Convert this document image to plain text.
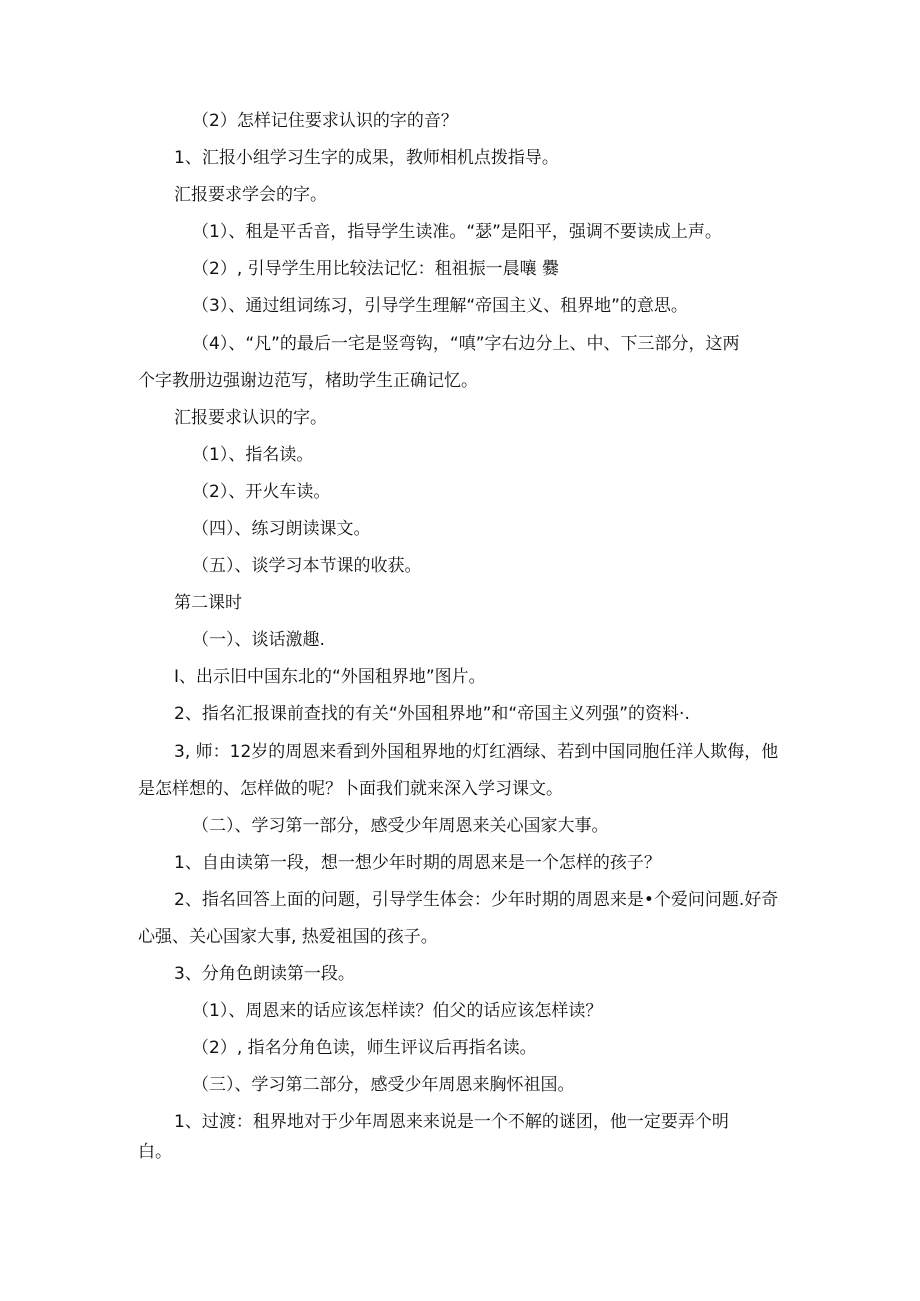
（2）怎样记住要求认识的字的音？
1、汇报小组学习生字的成果，教师相机点拨指导。
汇报要求学会的字。
（1）、租是平舌音，指导学生读准。“瑟”是阳平，强调不要读成上声。
（2）, 引导学生用比较法记忆：租祖振一晨嚷 爨
（3）、通过组词练习，引导学生理解“帝国主义、租界地”的意思。
（4）、“凡”的最后一宅是竖弯钩，“嗔”字右边分上、中、下三部分，这两
个字教册边强谢边范写，楮助学生正确记忆。
汇报要求认识的字。
（1）、指名读。
（2）、开火车读。
（四）、练习朗读课文。
（五）、谈学习本节课的收获。
第二课时
（一）、谈话激趣.
I、出示旧中国东北的“外国租界地”图片。
2、指名汇报课前查找的有关“外国租界地”和“帝国主义列强”的资料·.
3, 师：12岁的周恩来看到外国租界地的灯红酒绿、若到中国同胞任洋人欺侮，他
是怎样想的、怎样做的呢？卜面我们就来深入学习课文。
（二）、学习第一部分，感受少年周恩来关心国家大事。
1、自由读第一段，想一想少年时期的周恩来是一个怎样的孩子？
2、指名回答上面的问题，引导学生体会：少年时期的周恩来是•个爱问问题.好奇
心强、关心国家大事, 热爱祖国的孩子。
3、分角色朗读第一段。
（1）、周恩来的话应该怎样读？伯父的话应该怎样读？
（2）, 指名分角色读，师生评议后再指名读。
（三）、学习第二部分，感受少年周恩来胸怀祖国。
1、过渡：租界地对于少年周恩来来说是一个不解的谜团，他一定要弄个明
白。
